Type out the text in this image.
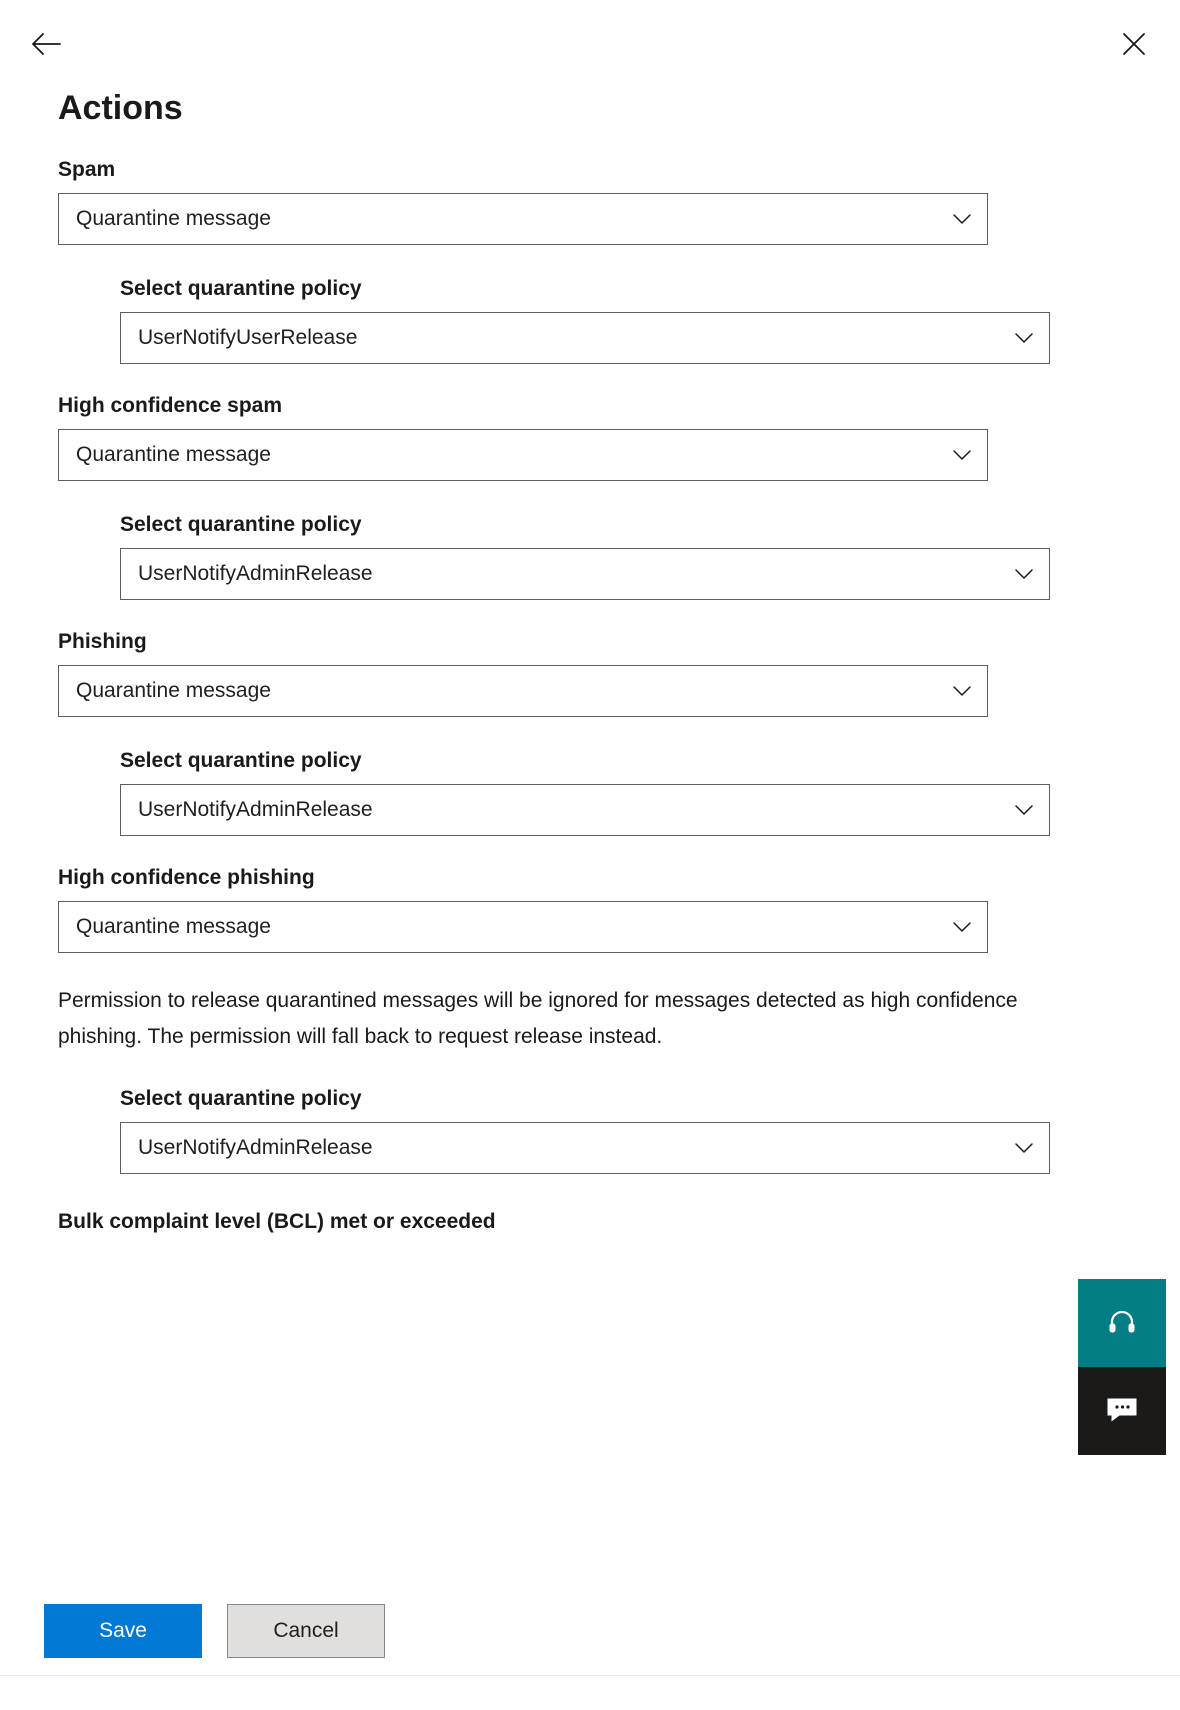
Actions
Spam
Quarantine message
Select quarantine policy
UserNotifyUserRelease
High confidence spam
Quarantine message
Select quarantine policy
UserNotifyAdminRelease
Phishing
Quarantine message
Select quarantine policy
UserNotifyAdminRelease
High confidence phishing
Quarantine message
Permission to release quarantined messages will be ignored for messages detected as high confidence phishing. The permission will fall back to request release instead.
Select quarantine policy
UserNotifyAdminRelease
Bulk complaint level (BCL) met or exceeded
Save	Cancel
